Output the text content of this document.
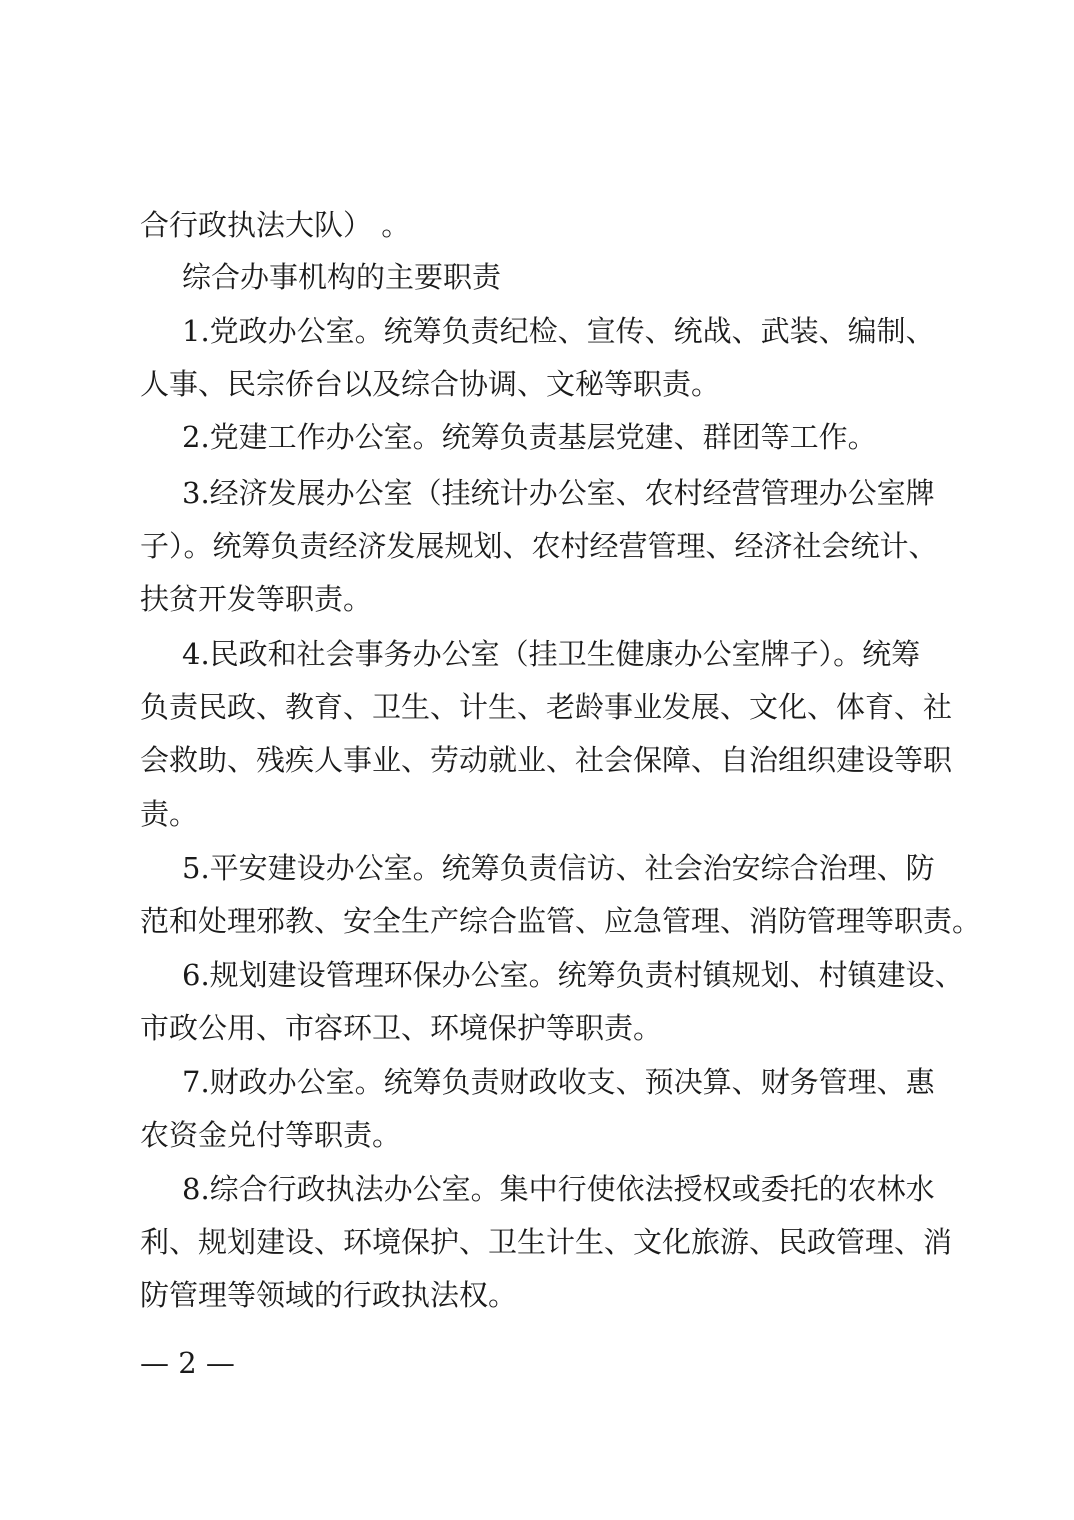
合行政执法大队） 。
综合办事机构的主要职责
1.党政办公室。统筹负责纪检、宣传、统战、武装、编制、
人事、民宗侨台以及综合协调、文秘等职责。
2.党建工作办公室。统筹负责基层党建、群团等工作。
3.经济发展办公室（挂统计办公室、农村经营管理办公室牌
子）。统筹负责经济发展规划、农村经营管理、经济社会统计、
扶贫开发等职责。
4.民政和社会事务办公室（挂卫生健康办公室牌子）。统筹
负责民政、教育、卫生、计生、老龄事业发展、文化、体育、社
会救助、残疾人事业、劳动就业、社会保障、自治组织建设等职
责。
5.平安建设办公室。统筹负责信访、社会治安综合治理、防
范和处理邪教、安全生产综合监管、应急管理、消防管理等职责。
6.规划建设管理环保办公室。统筹负责村镇规划、村镇建设、
市政公用、市容环卫、环境保护等职责。
7.财政办公室。统筹负责财政收支、预决算、财务管理、惠
农资金兑付等职责。
8.综合行政执法办公室。集中行使依法授权或委托的农林水
利、规划建设、环境保护、卫生计生、文化旅游、民政管理、消
防管理等领域的行政执法权。
— 2 —
